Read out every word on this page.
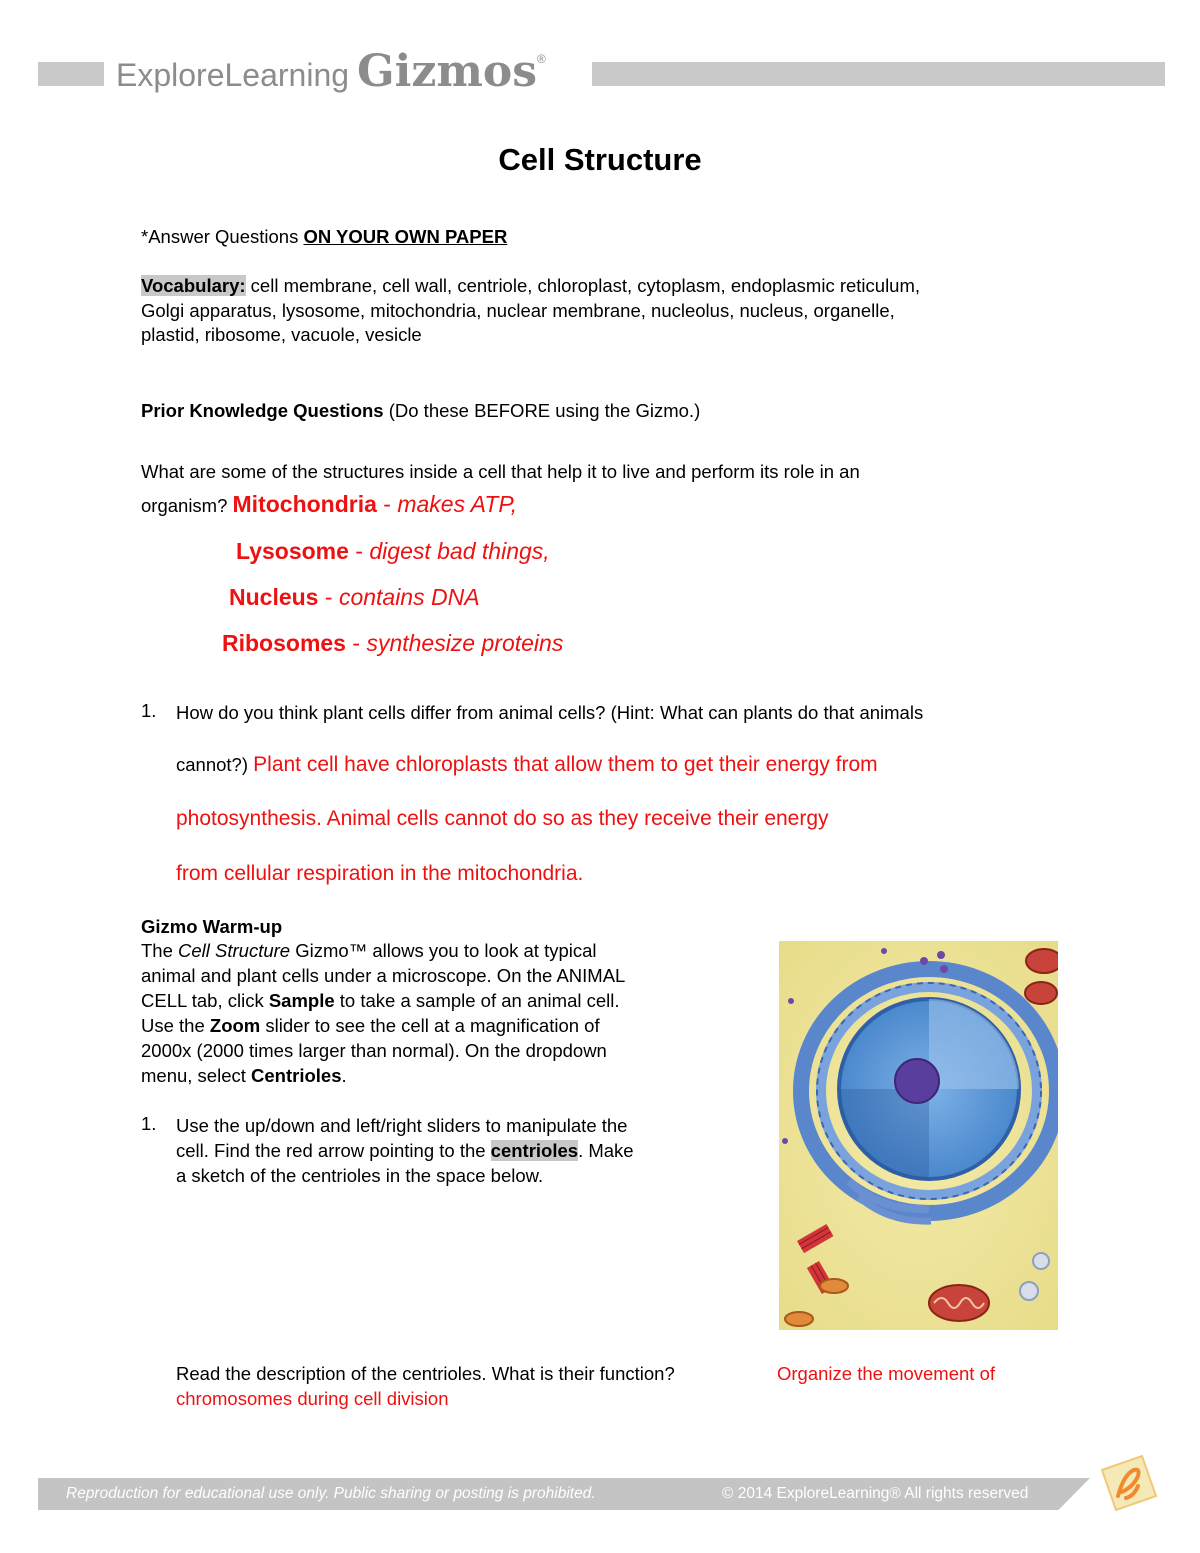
ExploreLearning Gizmos®
Cell Structure
*Answer Questions ON YOUR OWN PAPER
Vocabulary: cell membrane, cell wall, centriole, chloroplast, cytoplasm, endoplasmic reticulum,
Golgi apparatus, lysosome, mitochondria, nuclear membrane, nucleolus, nucleus, organelle,
plastid, ribosome, vacuole, vesicle
Prior Knowledge Questions (Do these BEFORE using the Gizmo.)
What are some of the structures inside a cell that help it to live and perform its role in an
organism? Mitochondria - makes ATP,
Lysosome - digest bad things,
Nucleus - contains DNA
Ribosomes - synthesize proteins
1. How do you think plant cells differ from animal cells? (Hint: What can plants do that animals
cannot?) Plant cell have chloroplasts that allow them to get their energy from
photosynthesis. Animal cells cannot do so as they receive their energy
from cellular respiration in the mitochondria.
Gizmo Warm-up
The Cell Structure Gizmo™ allows you to look at typical
animal and plant cells under a microscope. On the ANIMAL
CELL tab, click Sample to take a sample of an animal cell.
Use the Zoom slider to see the cell at a magnification of
2000x (2000 times larger than normal). On the dropdown
menu, select Centrioles.
1. Use the up/down and left/right sliders to manipulate the
cell. Find the red arrow pointing to the centrioles. Make
a sketch of the centrioles in the space below.
Read the description of the centrioles. What is their function?	Organize the movement of
chromosomes during cell division
Reproduction for educational use only. Public sharing or posting is prohibited.	© 2014 ExploreLearning® All rights reserved
